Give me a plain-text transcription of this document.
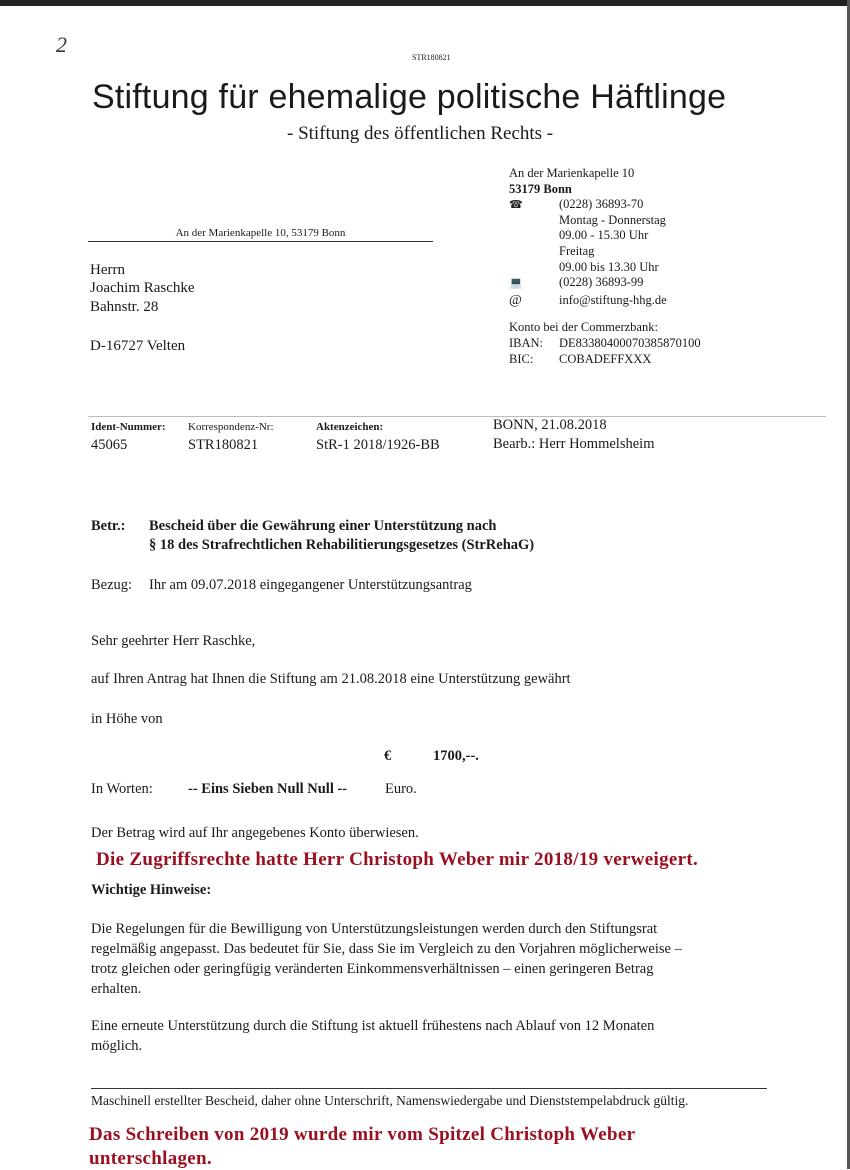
2
STR180821
Stiftung für ehemalige politische Häftlinge
- Stiftung des öffentlichen Rechts -
An der Marienkapelle 10, 53179 Bonn
Herrn
Joachim Raschke
Bahnstr. 28
D-16727 Velten
An der Marienkapelle 10
53179 Bonn
☎	(0228) 36893-70
Montag - Donnerstag
09.00 - 15.30 Uhr
Freitag
09.00 bis 13.30 Uhr
💻	(0228) 36893-99
@	info@stiftung-hhg.de
Konto bei der Commerzbank:
IBAN:	DE83380400070385870100
BIC:	COBADEFFXXX
Ident-Nummer:
45065
Korrespondenz-Nr:
STR180821
Aktenzeichen:
StR-1 2018/1926-BB
BONN, 21.08.2018
Bearb.: Herr Hommelsheim
Betr.: Bescheid über die Gewährung einer Unterstützung nach
§ 18 des Strafrechtlichen Rehabilitierungsgesetzes (StrRehaG)
Bezug: Ihr am 09.07.2018 eingegangener Unterstützungsantrag
Sehr geehrter Herr Raschke,
auf Ihren Antrag hat Ihnen die Stiftung am 21.08.2018 eine Unterstützung gewährt
in Höhe von
€	1700,--.
In Worten: -- Eins Sieben Null Null --	Euro.
Der Betrag wird auf Ihr angegebenes Konto überwiesen.
Die Zugriffsrechte hatte Herr Christoph Weber mir 2018/19 verweigert.
Wichtige Hinweise:
Die Regelungen für die Bewilligung von Unterstützungsleistungen werden durch den Stiftungsrat
regelmäßig angepasst. Das bedeutet für Sie, dass Sie im Vergleich zu den Vorjahren möglicherweise –
trotz gleichen oder geringfügig veränderten Einkommensverhältnissen – einen geringeren Betrag
erhalten.
Eine erneute Unterstützung durch die Stiftung ist aktuell frühestens nach Ablauf von 12 Monaten
möglich.
Maschinell erstellter Bescheid, daher ohne Unterschrift, Namenswiedergabe und Dienststempelabdruck gültig.
Das Schreiben von 2019 wurde mir vom Spitzel Christoph Weber
unterschlagen.
